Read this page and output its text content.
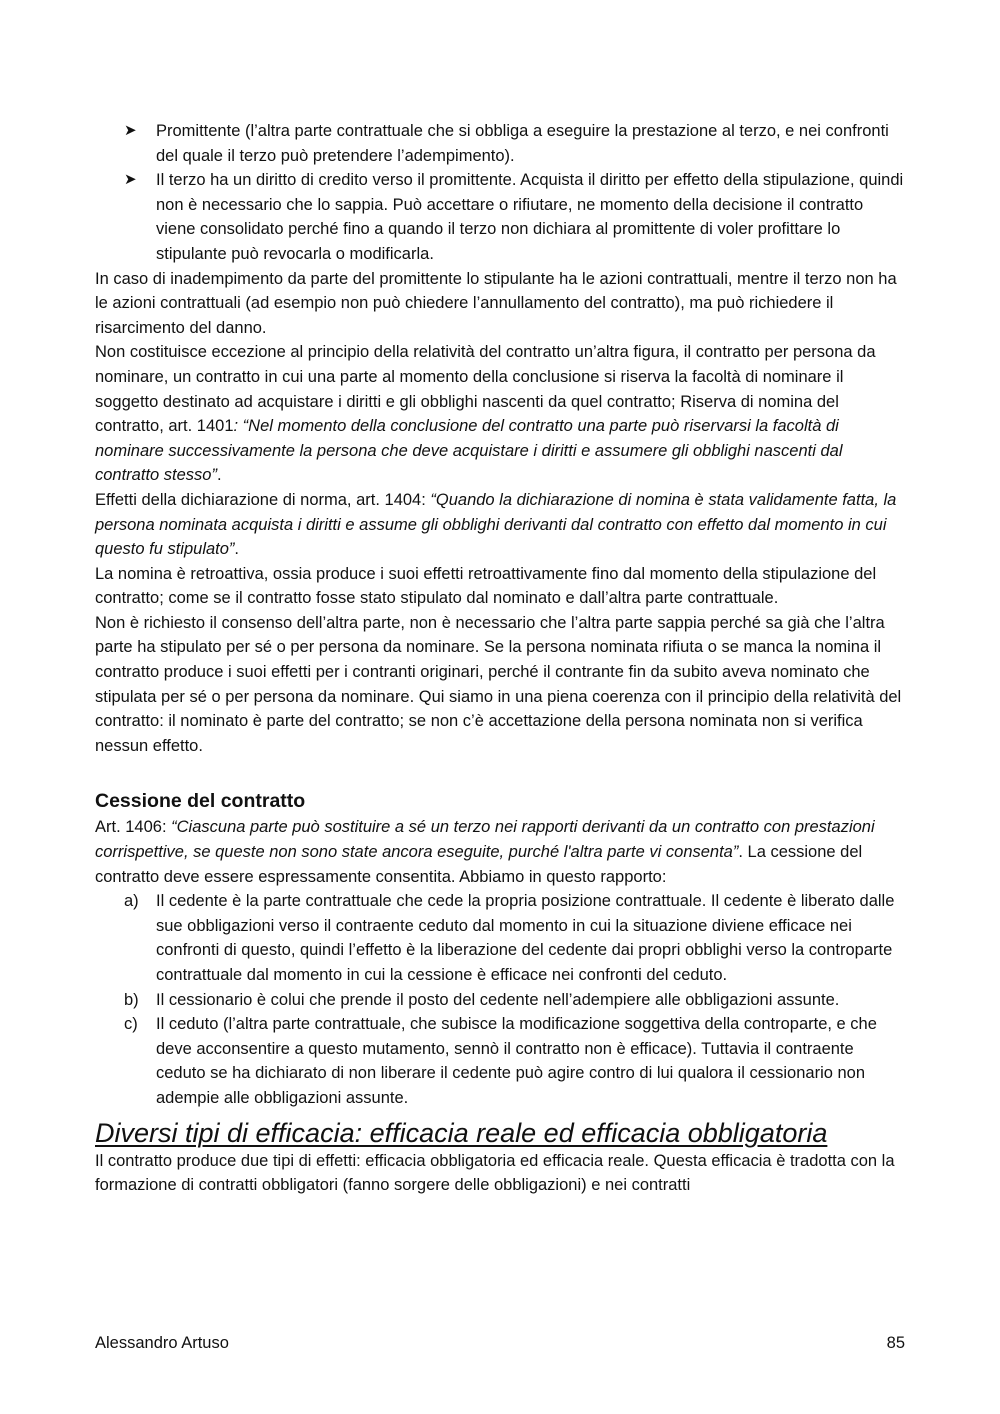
➤ Promittente (l’altra parte contrattuale che si obbliga a eseguire la prestazione al terzo, e nei confronti del quale il terzo può pretendere l’adempimento).
➤ Il terzo ha un diritto di credito verso il promittente. Acquista il diritto per effetto della stipulazione, quindi non è necessario che lo sappia. Può accettare o rifiutare, ne momento della decisione il contratto viene consolidato perché fino a quando il terzo non dichiara al promittente di voler profittare lo stipulante può revocarla o modificarla.

In caso di inadempimento da parte del promittente lo stipulante ha le azioni contrattuali, mentre il terzo non ha le azioni contrattuali (ad esempio non può chiedere l’annullamento del contratto), ma può richiedere il risarcimento del danno.

Non costituisce eccezione al principio della relatività del contratto un’altra figura, il contratto per persona da nominare, un contratto in cui una parte al momento della conclusione si riserva la facoltà di nominare il soggetto destinato ad acquistare i diritti e gli obblighi nascenti da quel contratto; Riserva di nomina del contratto, art. 1401: “Nel momento della conclusione del contratto una parte può riservarsi la facoltà di nominare successivamente la persona che deve acquistare i diritti e assumere gli obblighi nascenti dal contratto stesso”.

Effetti della dichiarazione di norma, art. 1404: “Quando la dichiarazione di nomina è stata validamente fatta, la persona nominata acquista i diritti e assume gli obblighi derivanti dal contratto con effetto dal momento in cui questo fu stipulato”.

La nomina è retroattiva, ossia produce i suoi effetti retroattivamente fino dal momento della stipulazione del contratto; come se il contratto fosse stato stipulato dal nominato e dall’altra parte contrattuale.

Non è richiesto il consenso dell’altra parte, non è necessario che l’altra parte sappia perché sa già che l’altra parte ha stipulato per sé o per persona da nominare. Se la persona nominata rifiuta o se manca la nomina il contratto produce i suoi effetti per i contranti originari, perché il contrante fin da subito aveva nominato che stipulata per sé o per persona da nominare. Qui siamo in una piena coerenza con il principio della relatività del contratto: il nominato è parte del contratto; se non c’è accettazione della persona nominata non si verifica nessun effetto.

Cessione del contratto

Art. 1406: “Ciascuna parte può sostituire a sé un terzo nei rapporti derivanti da un contratto con prestazioni corrispettive, se queste non sono state ancora eseguite, purché l'altra parte vi consenta”. La cessione del contratto deve essere espressamente consentita. Abbiamo in questo rapporto:

a) Il cedente è la parte contrattuale che cede la propria posizione contrattuale. Il cedente è liberato dalle sue obbligazioni verso il contraente ceduto dal momento in cui la situazione diviene efficace nei confronti di questo, quindi l’effetto è la liberazione del cedente dai propri obblighi verso la controparte contrattuale dal momento in cui la cessione è efficace nei confronti del ceduto.
b) Il cessionario è colui che prende il posto del cedente nell’adempiere alle obbligazioni assunte.
c) Il ceduto (l’altra parte contrattuale, che subisce la modificazione soggettiva della controparte, e che deve acconsentire a questo mutamento, sennò il contratto non è efficace). Tuttavia il contraente ceduto se ha dichiarato di non liberare il cedente può agire contro di lui qualora il cessionario non adempie alle obbligazioni assunte.
Diversi tipi di efficacia: efficacia reale ed efficacia obbligatoria

Il contratto produce due tipi di effetti: efficacia obbligatoria ed efficacia reale. Questa efficacia è tradotta con la formazione di contratti obbligatori (fanno sorgere delle obbligazioni) e nei contratti

Alessandro Artuso	85
